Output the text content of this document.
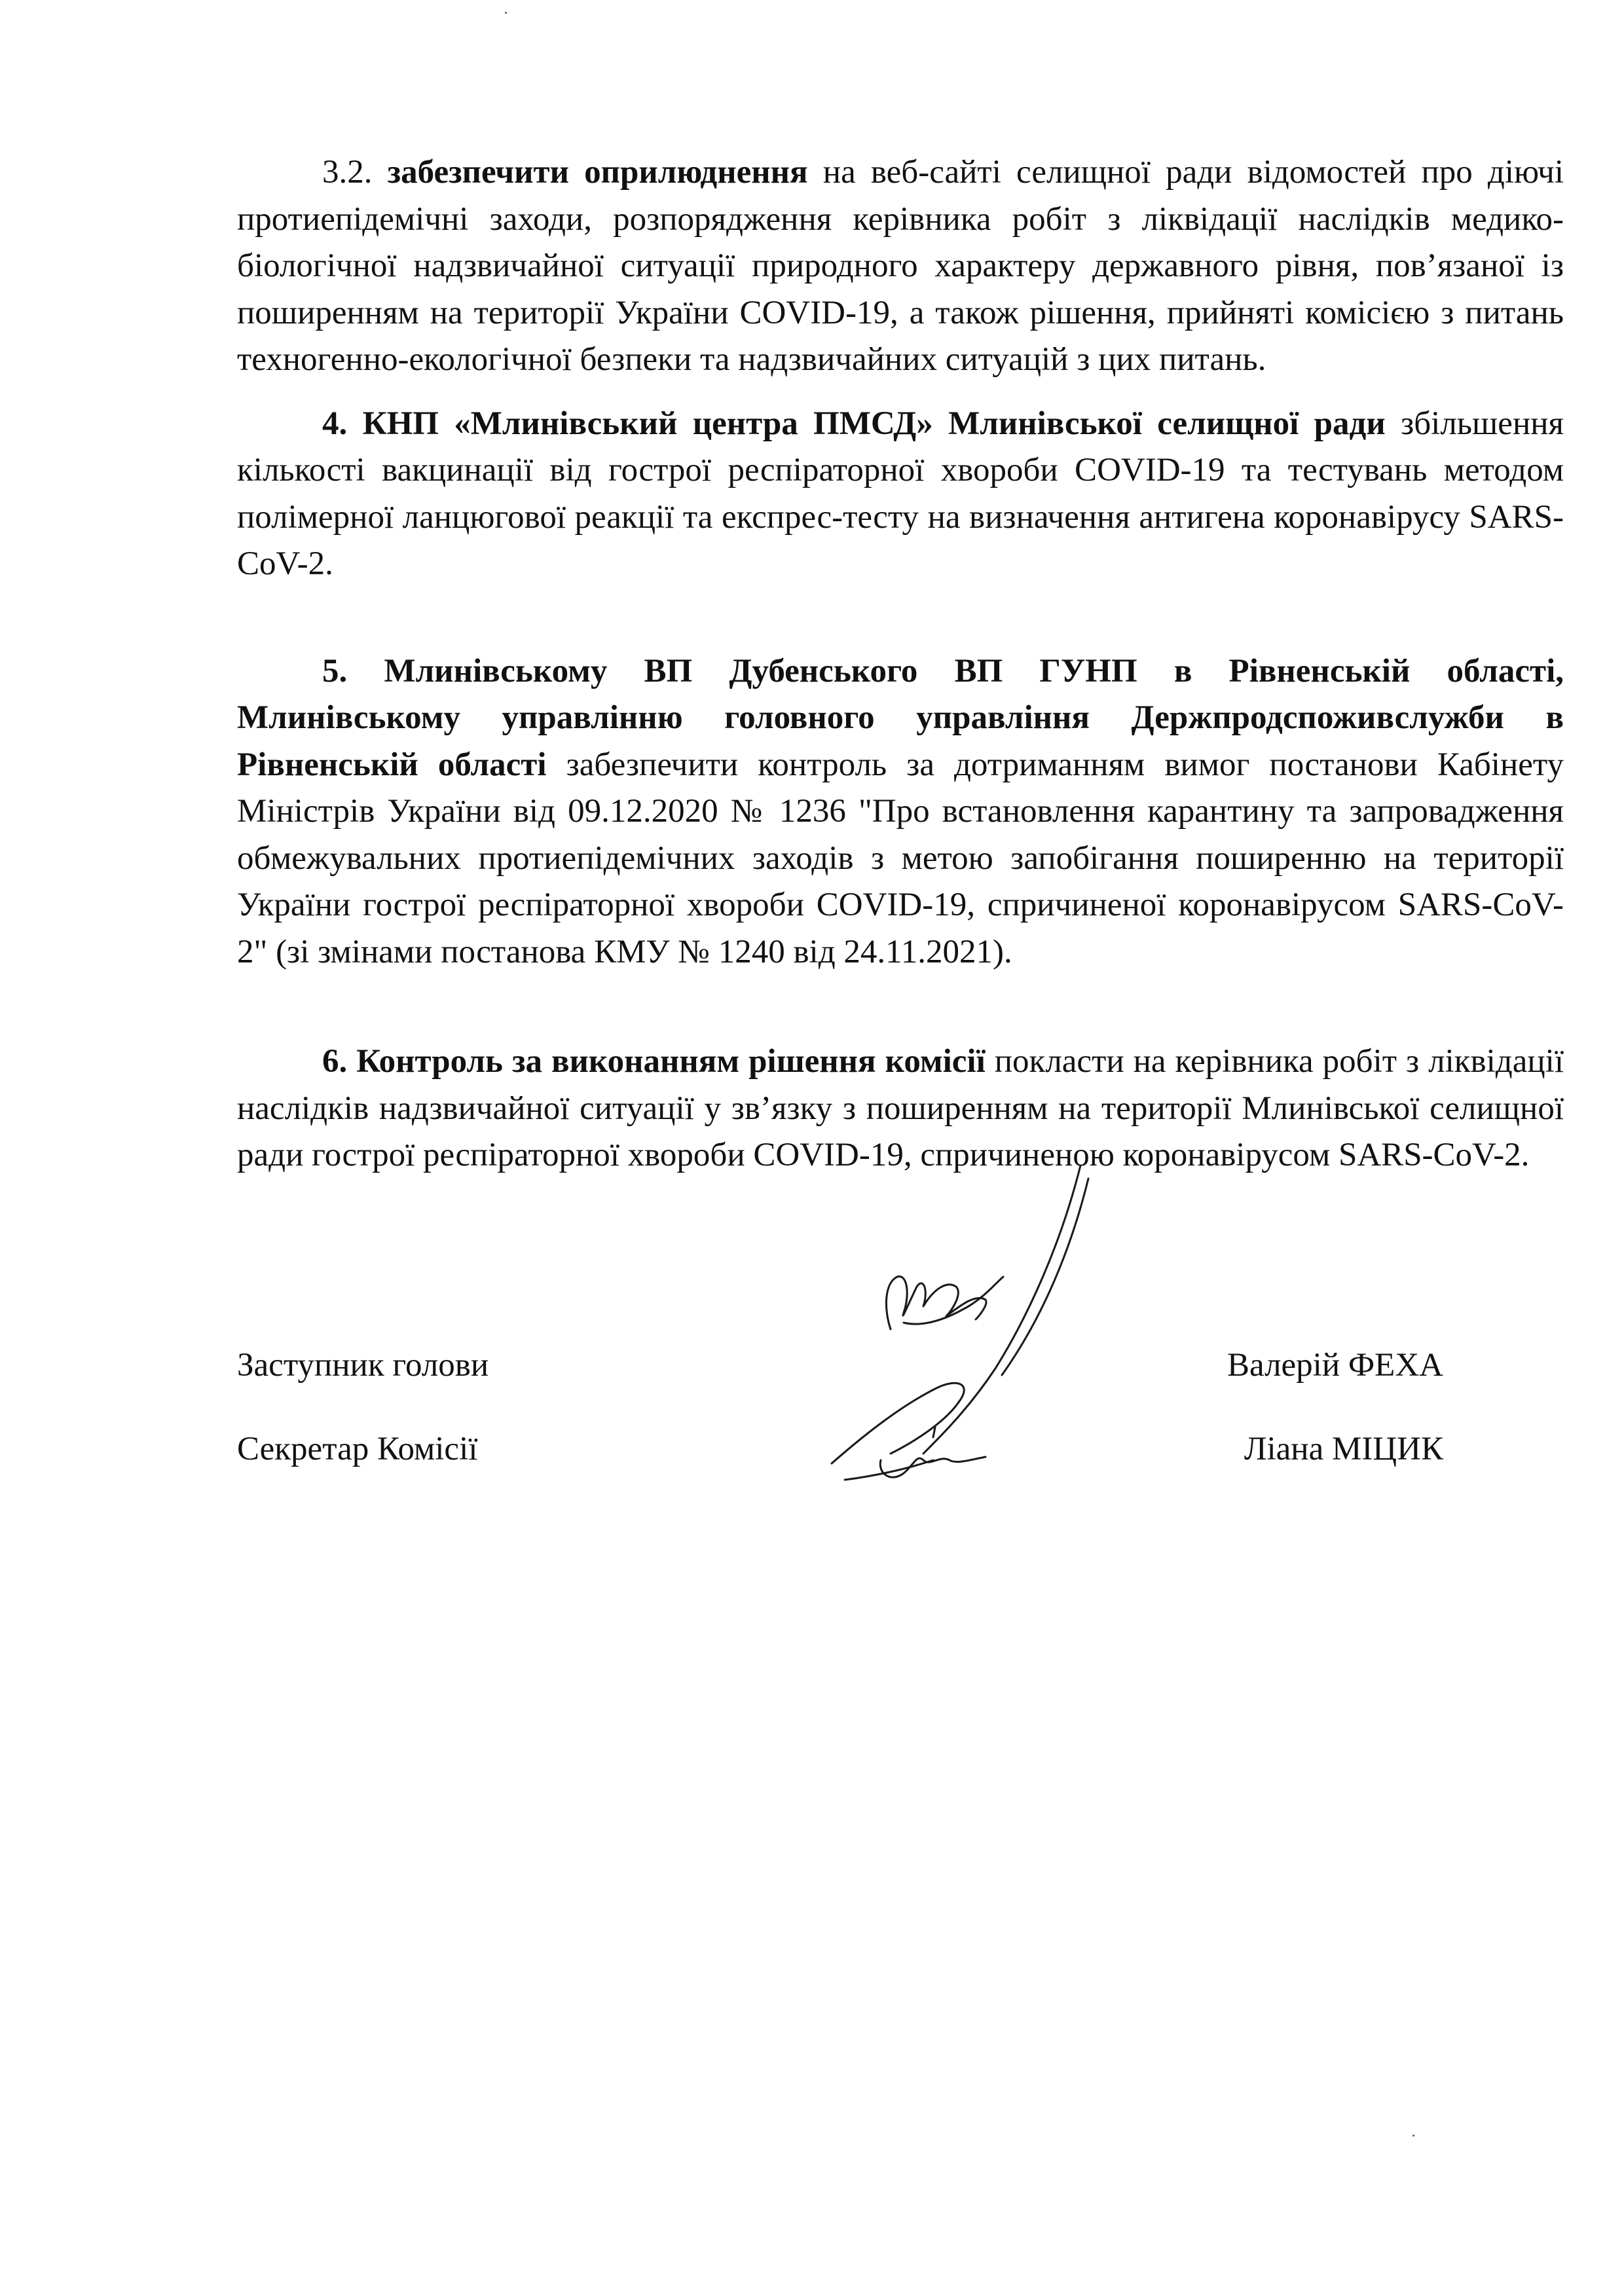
3.2. забезпечити оприлюднення на веб-сайті селищної ради відомостей про діючі протиепідемічні заходи, розпорядження керівника робіт з ліквідації наслідків медико-біологічної надзвичайної ситуації природного характеру державного рівня, пов’язаної із поширенням на території України COVID-19, а також рішення, прийняті комісією з питань техногенно-екологічної безпеки та надзвичайних ситуацій з цих питань.

4. КНП «Млинівський центра ПМСД» Млинівської селищної ради збільшення кількості вакцинації від гострої респіраторної хвороби COVID-19 та тестувань методом полімерної ланцюгової реакції та експрес-тесту на визначення антигена коронавірусу SARS-CoV-2.

5. Млинівському ВП Дубенського ВП ГУНП в Рівненській області, Млинівському управлінню головного управління Держпродспоживслужби в Рівненській області забезпечити контроль за дотриманням вимог постанови Кабінету Міністрів України від 09.12.2020 № 1236 "Про встановлення карантину та запровадження обмежувальних протиепідемічних заходів з метою запобігання поширенню на території України гострої респіраторної хвороби COVID-19, спричиненої коронавірусом SARS-CoV-2" (зі змінами постанова КМУ № 1240 від 24.11.2021).

6. Контроль за виконанням рішення комісії покласти на керівника робіт з ліквідації наслідків надзвичайної ситуації у зв’язку з поширенням на території Млинівської селищної ради гострої респіраторної хвороби COVID-19, спричиненою коронавірусом SARS-CoV-2.

Заступник голови	Валерій ФЕХА
Секретар Комісії	Ліана МІЦИК
